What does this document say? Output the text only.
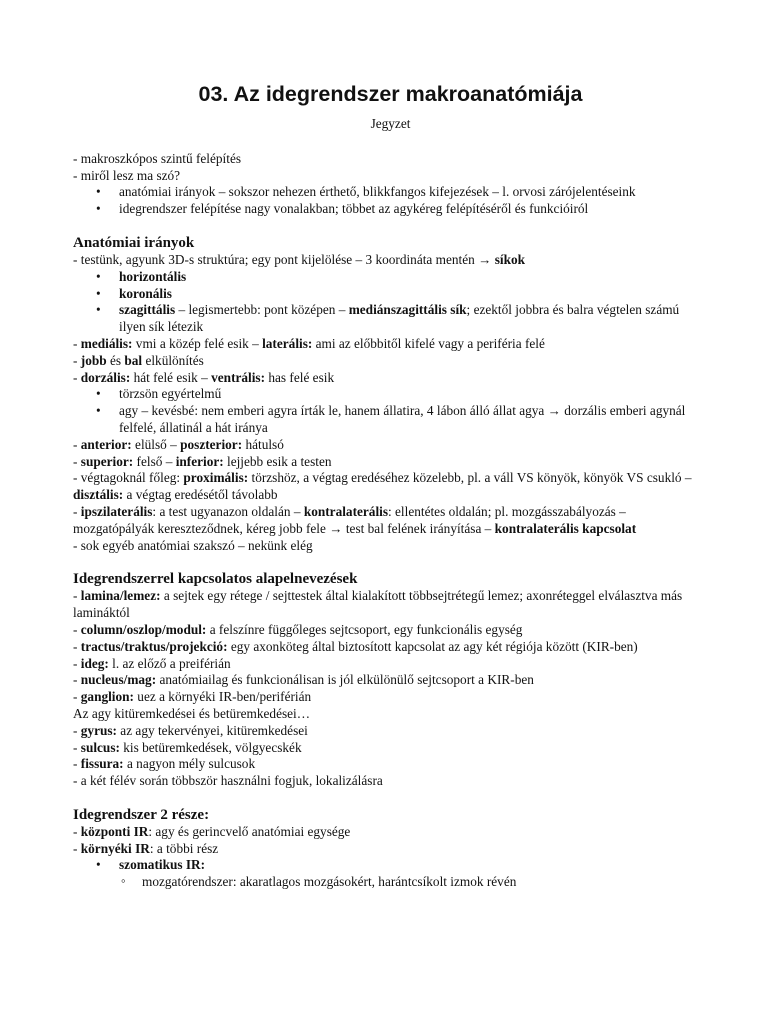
03. Az idegrendszer makroanatómiája

Jegyzet

- makroszkópos szintű felépítés

- miről lesz ma szó?

• anatómiai irányok – sokszor nehezen érthető, blikkfangos kifejezések – l. orvosi zárójelentéseink
• idegrendszer felépítése nagy vonalakban; többet az agykéreg felépítéséről és funkcióiról
Anatómiai irányok

- testünk, agyunk 3D-s struktúra; egy pont kijelölése – 3 koordináta mentén → síkok

• horizontális
• koronális
• szagittális – legismertebb: pont középen – mediánszagittális sík; ezektől jobbra és balra végtelen számú ilyen sík létezik

- mediális: vmi a közép felé esik – laterális: ami az előbbitől kifelé vagy a periféria felé

- jobb és bal elkülönítés

- dorzális: hát felé esik – ventrális: has felé esik

• törzsön egyértelmű
• agy – kevésbé: nem emberi agyra írták le, hanem állatira, 4 lábon álló állat agya → dorzális emberi agynál felfelé, állatinál a hát iránya

- anterior: elülső – poszterior: hátulsó

- superior: felső – inferior: lejjebb esik a testen

- végtagoknál főleg: proximális: törzshöz, a végtag eredéséhez közelebb, pl. a váll VS könyök, könyök VS csukló – disztális: a végtag eredésétől távolabb

- ipszilaterális: a test ugyanazon oldalán – kontralaterális: ellentétes oldalán; pl. mozgásszabályozás – mozgatópályák kereszteződnek, kéreg jobb fele → test bal felének irányítása – kontralaterális kapcsolat

- sok egyéb anatómiai szakszó – nekünk elég

Idegrendszerrel kapcsolatos alapelnevezések

- lamina/lemez: a sejtek egy rétege / sejttestek által kialakított többsejtrétegű lemez; axonréteggel elválasztva más lamináktól

- column/oszlop/modul: a felszínre függőleges sejtcsoport, egy funkcionális egység

- tractus/traktus/projekció: egy axonköteg által biztosított kapcsolat az agy két régiója között (KIR-ben)

- ideg: l. az előző a preiférián

- nucleus/mag: anatómiailag és funkcionálisan is jól elkülönülő sejtcsoport a KIR-ben

- ganglion: uez a környéki IR-ben/periférián

Az agy kitüremkedései és betüremkedései…

- gyrus: az agy tekervényei, kitüremkedései

- sulcus: kis betüremkedések, völgyecskék

- fissura: a nagyon mély sulcusok

- a két félév során többször használni fogjuk, lokalizálásra

Idegrendszer 2 része:

- központi IR: agy és gerincvelő anatómiai egysége

- környéki IR: a többi rész

• szomatikus IR:
◦ mozgatórendszer: akaratlagos mozgásokért, harántcsíkolt izmok révén
